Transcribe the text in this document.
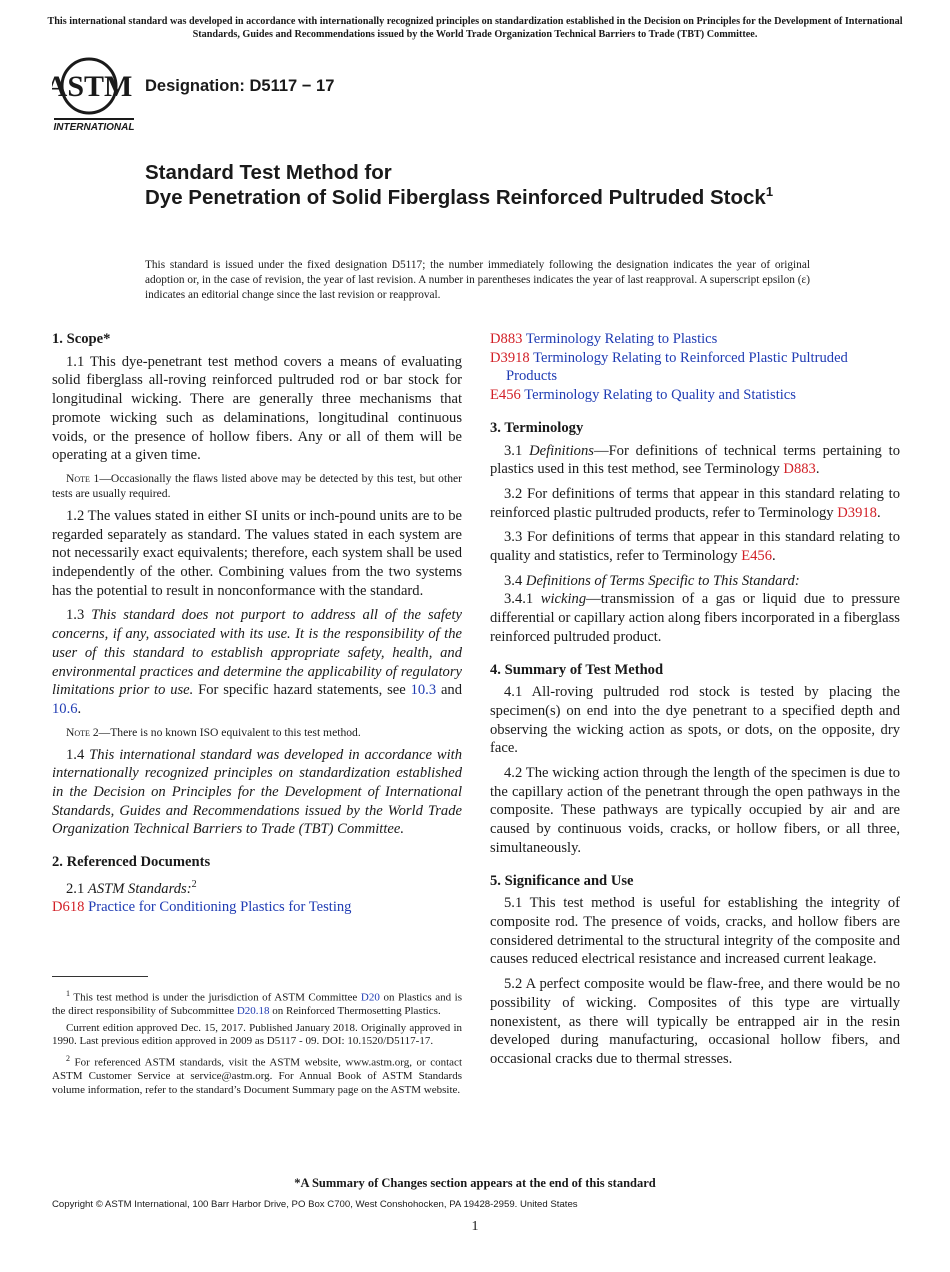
This international standard was developed in accordance with internationally recognized principles on standardization established in the Decision on Principles for the Development of International Standards, Guides and Recommendations issued by the World Trade Organization Technical Barriers to Trade (TBT) Committee.
ASTM
INTERNATIONAL
Designation: D5117 − 17
Standard Test Method for
Dye Penetration of Solid Fiberglass Reinforced Pultruded Stock$^1$
This standard is issued under the fixed designation D5117; the number immediately following the designation indicates the year of original adoption or, in the case of revision, the year of last revision. A number in parentheses indicates the year of last reapproval. A superscript epsilon (ε) indicates an editorial change since the last revision or reapproval.
1. Scope*
1.1 This dye-penetrant test method covers a means of evaluating solid fiberglass all-roving reinforced pultruded rod or bar stock for longitudinal wicking. There are generally three mechanisms that promote wicking such as delaminations, longitudinal continuous voids, or the presence of hollow fibers. Any or all of them will be operating at a given time.
Note 1—Occasionally the flaws listed above may be detected by this test, but other tests are usually required.
1.2 The values stated in either SI units or inch-pound units are to be regarded separately as standard. The values stated in each system are not necessarily exact equivalents; therefore, each system shall be used independently of the other. Combining values from the two systems has the potential to result in nonconformance with the standard.
1.3 This standard does not purport to address all of the safety concerns, if any, associated with its use. It is the responsibility of the user of this standard to establish appropriate safety, health, and environmental practices and determine the applicability of regulatory limitations prior to use. For specific hazard statements, see 10.3 and 10.6.
Note 2—There is no known ISO equivalent to this test method.
1.4 This international standard was developed in accordance with internationally recognized principles on standardization established in the Decision on Principles for the Development of International Standards, Guides and Recommendations issued by the World Trade Organization Technical Barriers to Trade (TBT) Committee.
2. Referenced Documents
2.1 ASTM Standards:$^2$
D618 Practice for Conditioning Plastics for Testing

$^1$ This test method is under the jurisdiction of ASTM Committee D20 on Plastics and is the direct responsibility of Subcommittee D20.18 on Reinforced Thermosetting Plastics.

Current edition approved Dec. 15, 2017. Published January 2018. Originally approved in 1990. Last previous edition approved in 2009 as D5117 - 09. DOI: 10.1520/D5117-17.

$^2$ For referenced ASTM standards, visit the ASTM website, www.astm.org, or contact ASTM Customer Service at service@astm.org. For Annual Book of ASTM Standards volume information, refer to the standard’s Document Summary page on the ASTM website.

D883 Terminology Relating to Plastics
D3918 Terminology Relating to Reinforced Plastic Pultruded Products
E456 Terminology Relating to Quality and Statistics
3. Terminology
3.1 Definitions—For definitions of technical terms pertaining to plastics used in this test method, see Terminology D883.
3.2 For definitions of terms that appear in this standard relating to reinforced plastic pultruded products, refer to Terminology D3918.
3.3 For definitions of terms that appear in this standard relating to quality and statistics, refer to Terminology E456.
3.4 Definitions of Terms Specific to This Standard:
3.4.1 wicking—transmission of a gas or liquid due to pressure differential or capillary action along fibers incorporated in a fiberglass reinforced pultruded product.
4. Summary of Test Method
4.1 All-roving pultruded rod stock is tested by placing the specimen(s) on end into the dye penetrant to a specified depth and observing the wicking action as spots, or dots, on the opposite, dry face.
4.2 The wicking action through the length of the specimen is due to the capillary action of the penetrant through the open pathways in the composite. These pathways are typically occupied by air and are caused by continuous voids, cracks, or hollow fibers, or all three, simultaneously.
5. Significance and Use
5.1 This test method is useful for establishing the integrity of composite rod. The presence of voids, cracks, and hollow fibers are considered detrimental to the structural integrity of the composite and causes reduced electrical resistance and increased current leakage.
5.2 A perfect composite would be flaw-free, and there would be no possibility of wicking. Composites of this type are virtually nonexistent, as there will typically be entrapped air in the resin developed during manufacturing, occasional hollow fibers, and occasional cracks due to thermal stresses.
*A Summary of Changes section appears at the end of this standard
Copyright © ASTM International, 100 Barr Harbor Drive, PO Box C700, West Conshohocken, PA 19428-2959. United States
1
